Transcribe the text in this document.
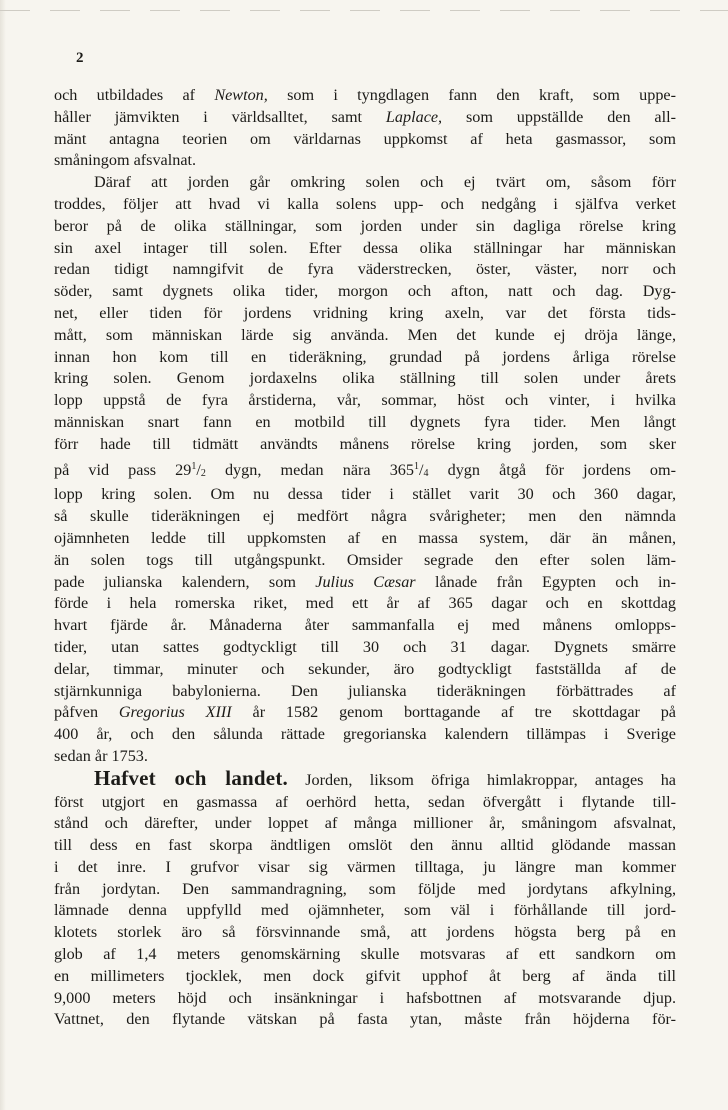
2
och utbildades af Newton, som i tyngdlagen fann den kraft, som uppe-
håller jämvikten i världsalltet, samt Laplace, som uppställde den all-
mänt antagna teorien om världarnas uppkomst af heta gasmassor, som
småningom afsvalnat.
Däraf att jorden går omkring solen och ej tvärt om, såsom förr
troddes, följer att hvad vi kalla solens upp- och nedgång i själfva verket
beror på de olika ställningar, som jorden under sin dagliga rörelse kring
sin axel intager till solen. Efter dessa olika ställningar har människan
redan tidigt namngifvit de fyra väderstrecken, öster, väster, norr och
söder, samt dygnets olika tider, morgon och afton, natt och dag. Dyg-
net, eller tiden för jordens vridning kring axeln, var det första tids-
mått, som människan lärde sig använda. Men det kunde ej dröja länge,
innan hon kom till en tideräkning, grundad på jordens årliga rörelse
kring solen. Genom jordaxelns olika ställning till solen under årets
lopp uppstå de fyra årstiderna, vår, sommar, höst och vinter, i hvilka
människan snart fann en motbild till dygnets fyra tider. Men långt
förr hade till tidmätt användts månens rörelse kring jorden, som sker
på vid pass $29^1/_2$ dygn, medan nära $365^1/_4$ dygn åtgå för jordens om-
lopp kring solen. Om nu dessa tider i stället varit 30 och 360 dagar,
så skulle tideräkningen ej medfört några svårigheter; men den nämnda
ojämnheten ledde till uppkomsten af en massa system, där än månen,
än solen togs till utgångspunkt. Omsider segrade den efter solen läm-
pade julianska kalendern, som Julius Cæsar lånade från Egypten och in-
förde i hela romerska riket, med ett år af 365 dagar och en skottdag
hvart fjärde år. Månaderna åter sammanfalla ej med månens omlopps-
tider, utan sattes godtyckligt till 30 och 31 dagar. Dygnets smärre
delar, timmar, minuter och sekunder, äro godtyckligt fastställda af de
stjärnkunniga babylonierna. Den julianska tideräkningen förbättrades af
påfven Gregorius XIII år 1582 genom borttagande af tre skottdagar på
400 år, och den sålunda rättade gregorianska kalendern tillämpas i Sverige
sedan år 1753.
Hafvet och landet. Jorden, liksom öfriga himlakroppar, antages ha
först utgjort en gasmassa af oerhörd hetta, sedan öfvergått i flytande till-
stånd och därefter, under loppet af många millioner år, småningom afsvalnat,
till dess en fast skorpa ändtligen omslöt den ännu alltid glödande massan
i det inre. I grufvor visar sig värmen tilltaga, ju längre man kommer
från jordytan. Den sammandragning, som följde med jordytans afkylning,
lämnade denna uppfylld med ojämnheter, som väl i förhållande till jord-
klotets storlek äro så försvinnande små, att jordens högsta berg på en
glob af 1,4 meters genomskärning skulle motsvaras af ett sandkorn om
en millimeters tjocklek, men dock gifvit upphof åt berg af ända till
9,000 meters höjd och insänkningar i hafsbottnen af motsvarande djup.
Vattnet, den flytande vätskan på fasta ytan, måste från höjderna för-
